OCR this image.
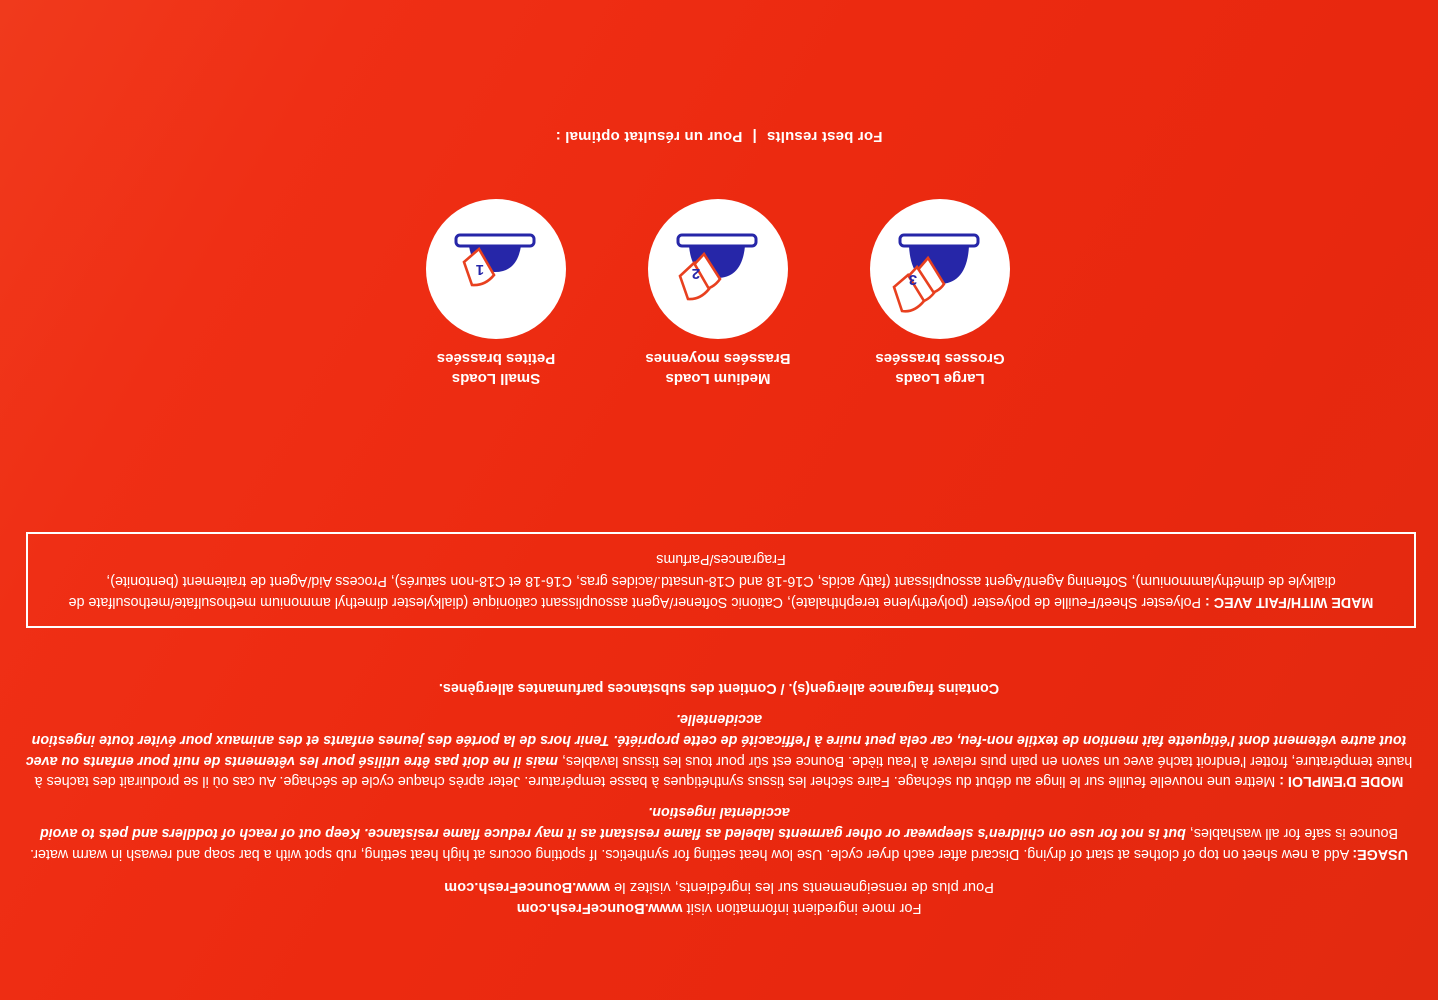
For more ingredient information visit www.BounceFresh.com
Pour plus de renseignements sur les ingrédients, visitez le www.BounceFresh.com
USAGE: Add a new sheet on top of clothes at start of drying. Discard after each dryer cycle. Use low heat setting for synthetics. If spotting occurs at high heat setting, rub spot with a bar soap and rewash in warm water. Bounce is safe for all washables, but is not for use on children's sleepwear or other garments labeled as flame resistant as it may reduce flame resistance. Keep out of reach of toddlers and pets to avoid accidental ingestion.
MODE D'EMPLOI : Mettre une nouvelle feuille sur le linge au début du séchage. Faire sécher les tissus synthétiques à basse température. Jeter après chaque cycle de séchage. Au cas où il se produirait des taches à haute température, frotter l'endroit taché avec un savon en pain puis relaver à l'eau tiède. Bounce est sûr pour tous les tissus lavables, mais il ne doit pas être utilisé pour les vêtements de nuit pour enfants ou avec tout autre vêtement dont l'étiquette fait mention de textile non-feu, car cela peut nuire à l'efficacité de cette propriété. Tenir hors de la portée des jeunes enfants et des animaux pour éviter toute ingestion accidentelle.
Contains fragrance allergen(s). / Contient des substances parfumantes allergènes.
MADE WITH/FAIT AVEC : Polyester Sheet/Feuille de polyester (polyethylene terephthalate), Cationic Softener/Agent assouplissant cationique (dialkylester dimethyl ammonium methosulfate/methosulfate de dialkyle de diméthylammonium), Softening Agent/Agent assouplissant (fatty acids, C16-18 and C18-unsatd./acides gras, C16-18 et C18-non saturés), Process Aid/Agent de traitement (bentonite), Fragrances/Parfums
Large Loads
Grosses brassées
3
Medium Loads
Brassées moyennes
2
Small Loads
Petites brassées
1
For best results|Pour un résultat optimal :
